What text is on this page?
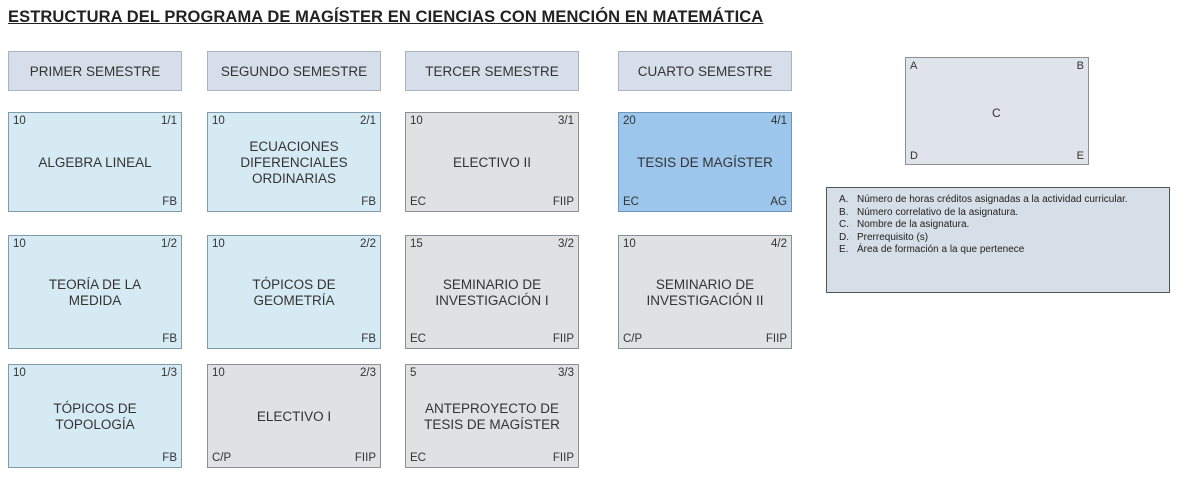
ESTRUCTURA DEL PROGRAMA DE MAGÍSTER EN CIENCIAS CON MENCIÓN EN MATEMÁTICA
PRIMER SEMESTRE	SEGUNDO SEMESTRE	TERCER SEMESTRE	CUARTO SEMESTRE
10	1/1
ALGEBRA LINEAL
FB
10	2/1
ECUACIONES
DIFERENCIALES
ORDINARIAS
FB
10	3/1
ELECTIVO II
EC	FIIP
20	4/1
TESIS DE MAGÍSTER
EC	AG
10	1/2
TEORÍA DE LA
MEDIDA
FB
10	2/2
TÓPICOS DE
GEOMETRÍA
FB
15	3/2
SEMINARIO DE
INVESTIGACIÓN I
EC	FIIP
10	4/2
SEMINARIO DE
INVESTIGACIÓN II
C/P	FIIP
10	1/3
TÓPICOS DE
TOPOLOGÍA
FB
10	2/3
ELECTIVO I
C/P	FIIP
5	3/3
ANTEPROYECTO DE
TESIS DE MAGÍSTER
EC	FIIP
A	B
C
D	E
A. Número de horas créditos asignadas a la actividad curricular.
B. Número correlativo de la asignatura.
C. Nombre de la asignatura.
D. Prerrequisito (s)
E. Área de formación a la que pertenece
